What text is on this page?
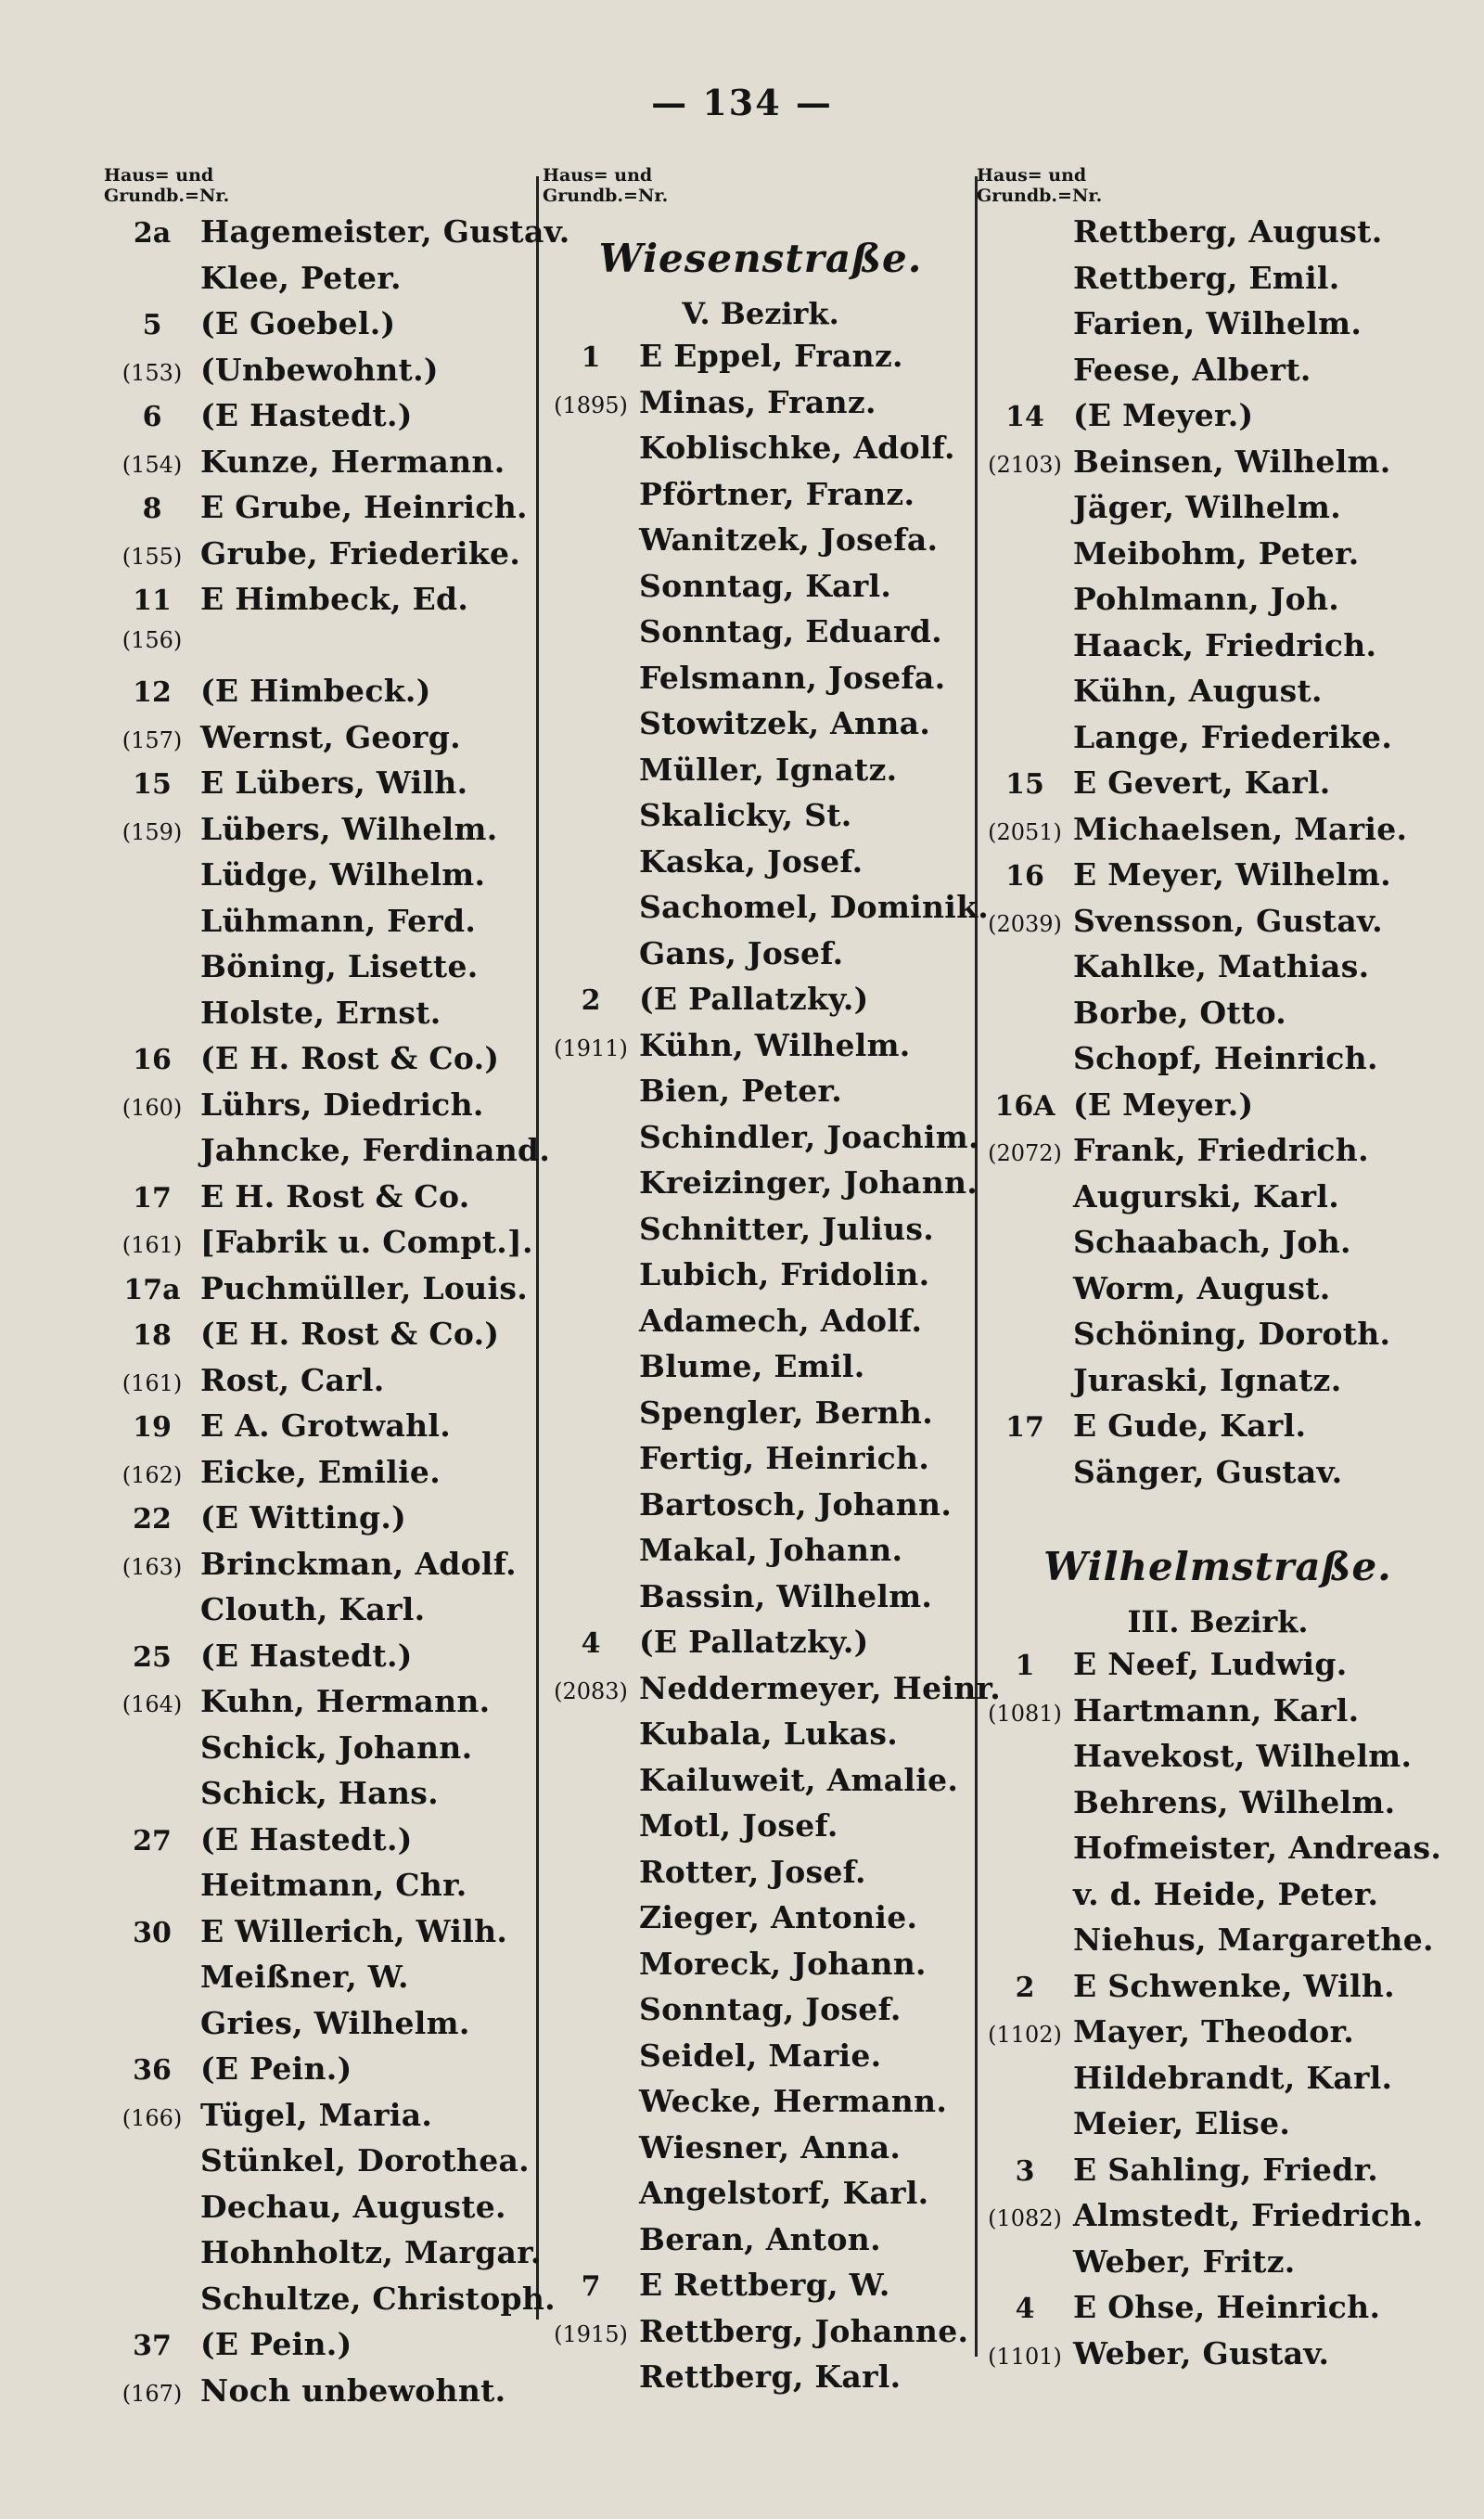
— 134 —
Haus= und
Grundb.=Nr.
2a Hagemeister, Gustav.
Klee, Peter.
5	(E Goebel.)
(153) (Unbewohnt.)
6	(E Hastedt.)
(154) Kunze, Hermann.
8	E Grube, Heinrich.
(155) Grube, Friederike.
11 E Himbeck, Ed.
(156)
12 (E Himbeck.)
(157) Wernst, Georg.
15 E Lübers, Wilh.
(159) Lübers, Wilhelm.
Lüdge, Wilhelm.
Lühmann, Ferd.
Böning, Lisette.
Holste, Ernst.
16 (E H. Rost & Co.)
(160) Lührs, Diedrich.
Jahncke, Ferdinand.
17 E H. Rost & Co.
(161) [Fabrik u. Compt.].
17a Puchmüller, Louis.
18 (E H. Rost & Co.)
(161) Rost, Carl.
19 E A. Grotwahl.
(162) Eicke, Emilie.
22 (E Witting.)
(163) Brinckman, Adolf.
Clouth, Karl.
25 (E Hastedt.)
(164) Kuhn, Hermann.
Schick, Johann.
Schick, Hans.
27 (E Hastedt.)
Heitmann, Chr.
30 E Willerich, Wilh.
Meißner, W.
Gries, Wilhelm.
36 (E Pein.)
(166) Tügel, Maria.
Stünkel, Dorothea.
Dechau, Auguste.
Hohnholtz, Margar.
Schultze, Christoph.
37 (E Pein.)
(167) Noch unbewohnt.
Haus= und
Grundb.=Nr.
Wiesenstraße.
V. Bezirk.
1	E Eppel, Franz.
(1895) Minas, Franz.
Koblischke, Adolf.
Pförtner, Franz.
Wanitzek, Josefa.
Sonntag, Karl.
Sonntag, Eduard.
Felsmann, Josefa.
Stowitzek, Anna.
Müller, Ignatz.
Skalicky, St.
Kaska, Josef.
Sachomel, Dominik.
Gans, Josef.
2	(E Pallatzky.)
(1911) Kühn, Wilhelm.
Bien, Peter.
Schindler, Joachim.
Kreizinger, Johann.
Schnitter, Julius.
Lubich, Fridolin.
Adamech, Adolf.
Blume, Emil.
Spengler, Bernh.
Fertig, Heinrich.
Bartosch, Johann.
Makal, Johann.
Bassin, Wilhelm.
4	(E Pallatzky.)
(2083) Neddermeyer, Heinr.
Kubala, Lukas.
Kailuweit, Amalie.
Motl, Josef.
Rotter, Josef.
Zieger, Antonie.
Moreck, Johann.
Sonntag, Josef.
Seidel, Marie.
Wecke, Hermann.
Wiesner, Anna.
Angelstorf, Karl.
Beran, Anton.
7	E Rettberg, W.
(1915) Rettberg, Johanne.
Rettberg, Karl.
Haus= und
Grundb.=Nr.
Rettberg, August.
Rettberg, Emil.
Farien, Wilhelm.
Feese, Albert.
14 (E Meyer.)
(2103) Beinsen, Wilhelm.
Jäger, Wilhelm.
Meibohm, Peter.
Pohlmann, Joh.
Haack, Friedrich.
Kühn, August.
Lange, Friederike.
15 E Gevert, Karl.
(2051) Michaelsen, Marie.
16 E Meyer, Wilhelm.
(2039) Svensson, Gustav.
Kahlke, Mathias.
Borbe, Otto.
Schopf, Heinrich.
16A (E Meyer.)
(2072) Frank, Friedrich.
Augurski, Karl.
Schaabach, Joh.
Worm, August.
Schöning, Doroth.
Juraski, Ignatz.
17 E Gude, Karl.
Sänger, Gustav.
Wilhelmstraße.
III. Bezirk.
1	E Neef, Ludwig.
(1081) Hartmann, Karl.
Havekost, Wilhelm.
Behrens, Wilhelm.
Hofmeister, Andreas.
v. d. Heide, Peter.
Niehus, Margarethe.
2	E Schwenke, Wilh.
(1102) Mayer, Theodor.
Hildebrandt, Karl.
Meier, Elise.
3	E Sahling, Friedr.
(1082) Almstedt, Friedrich.
Weber, Fritz.
4	E Ohse, Heinrich.
(1101) Weber, Gustav.
